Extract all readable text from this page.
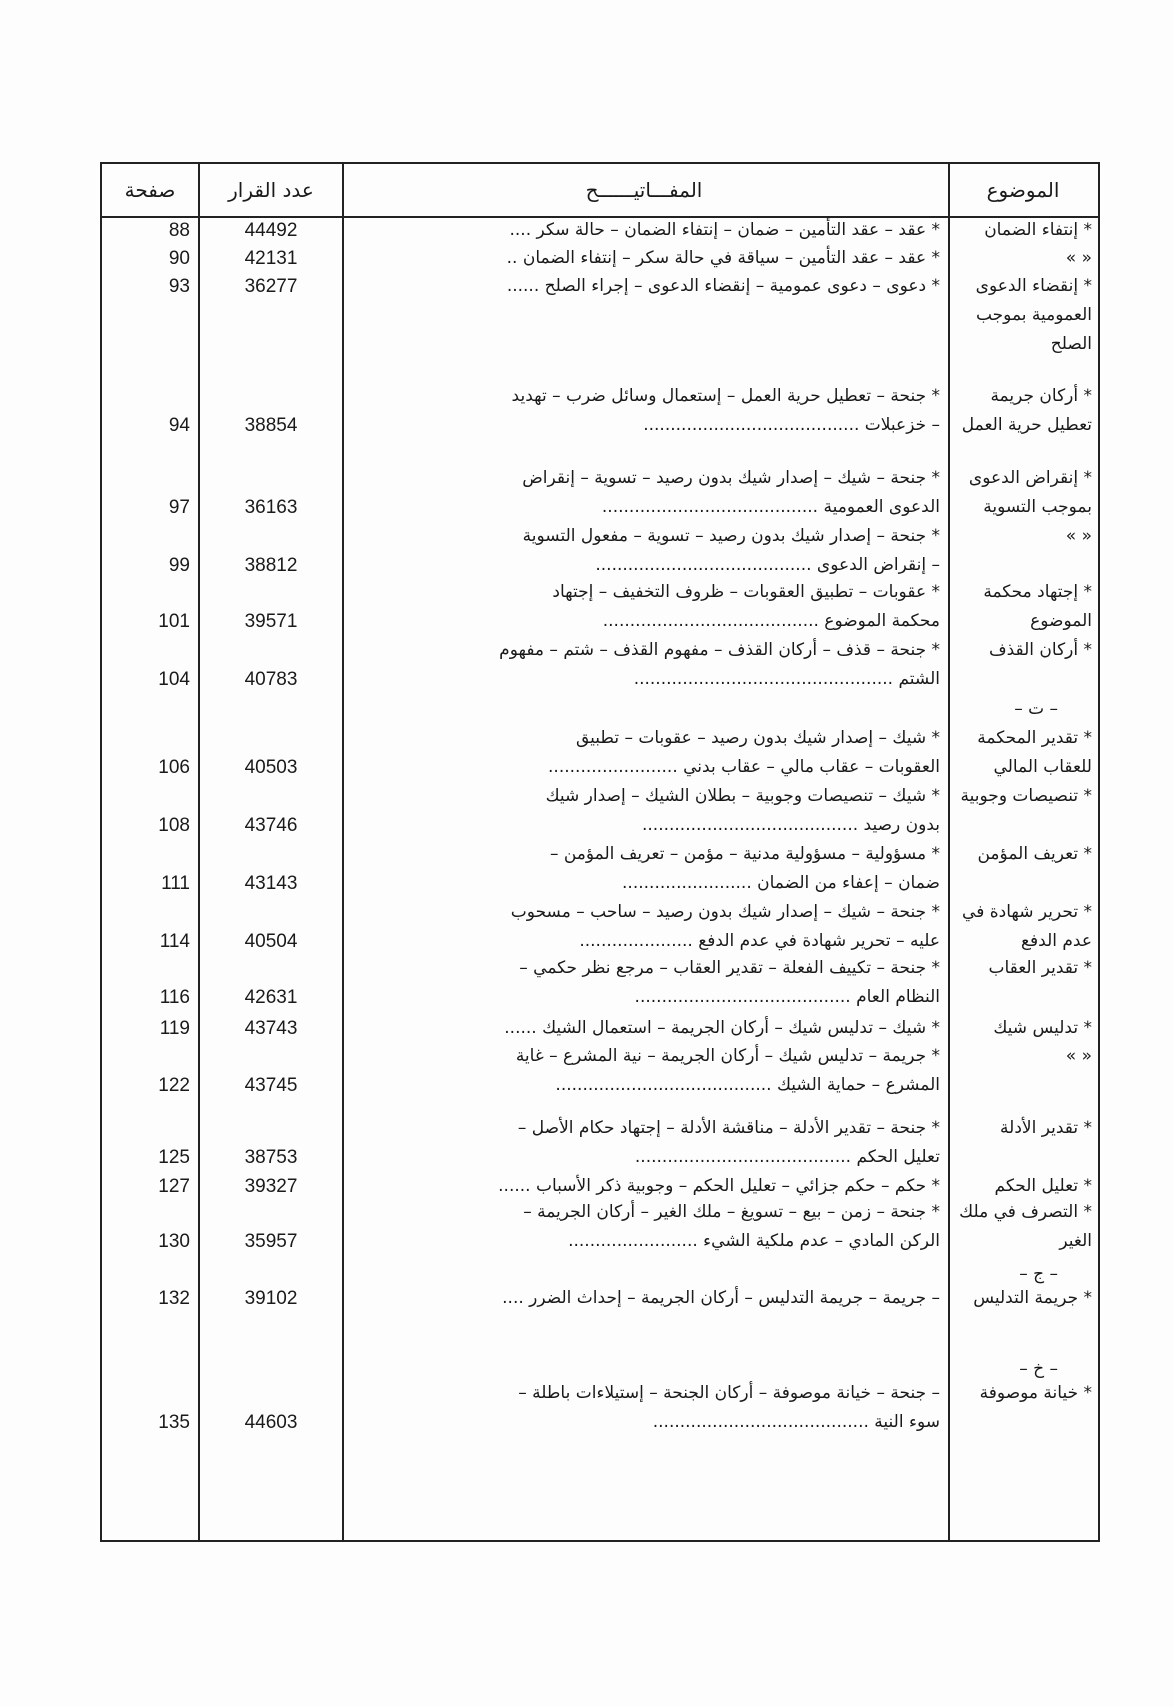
الموضوع
المفـــاتيــــــح
عدد القرار
صفحة
* إنتفاء الضمان
* عقد – عقد التأمين – ضمان – إنتفاء الضمان – حالة سكر ....
44492
88
« »
* عقد – عقد التأمين – سياقة في حالة سكر – إنتفاء الضمان ..
42131
90
* إنقضاء الدعوى العمومية بموجب الصلح
* دعوى – دعوى عمومية – إنقضاء الدعوى – إجراء الصلح ......
36277
93
* أركان جريمة تعطيل حرية العمل
* جنحة – تعطيل حرية العمل – إستعمال وسائل ضرب – تهديد
– خزعبلات ........................................
38854
94
* إنقراض الدعوى بموجب التسوية
* جنحة – شيك – إصدار شيك بدون رصيد – تسوية – إنقراض
الدعوى العمومية ........................................
36163
97
« »
* جنحة – إصدار شيك بدون رصيد – تسوية – مفعول التسوية
– إنقراض الدعوى ........................................
38812
99
* إجتهاد محكمة الموضوع
* عقوبات – تطبيق العقوبات – ظروف التخفيف – إجتهاد
محكمة الموضوع ........................................
39571
101
* أركان القذف
* جنحة – قذف – أركان القذف – مفهوم القذف – شتم – مفهوم
الشتم ................................................
40783
104
– ت –
* تقدير المحكمة للعقاب المالي
* شيك – إصدار شيك بدون رصيد – عقوبات – تطبيق
العقوبات – عقاب مالي – عقاب بدني ........................
40503
106
* تنصيصات وجوبية
* شيك – تنصيصات وجوبية – بطلان الشيك – إصدار شيك
بدون رصيد ........................................
43746
108
* تعريف المؤمن
* مسؤولية – مسؤولية مدنية – مؤمن – تعريف المؤمن –
ضمان – إعفاء من الضمان ........................
43143
111
* تحرير شهادة في عدم الدفع
* جنحة – شيك – إصدار شيك بدون رصيد – ساحب – مسحوب
عليه – تحرير شهادة في عدم الدفع .....................
40504
114
* تقدير العقاب
* جنحة – تكييف الفعلة – تقدير العقاب – مرجع نظر حكمي –
النظام العام ........................................
42631
116
* تدليس شيك
* شيك – تدليس شيك – أركان الجريمة – استعمال الشيك ......
43743
119
« »
* جريمة – تدليس شيك – أركان الجريمة – نية المشرع – غاية
المشرع – حماية الشيك ........................................
43745
122
* تقدير الأدلة
* جنحة – تقدير الأدلة – مناقشة الأدلة – إجتهاد حكام الأصل –
تعليل الحكم ........................................
38753
125
* تعليل الحكم
* حكم – حكم جزائي – تعليل الحكم – وجوبية ذكر الأسباب ......
39327
127
* التصرف في ملك الغير
* جنحة – زمن – بيع – تسويغ – ملك الغير – أركان الجريمة –
الركن المادي – عدم ملكية الشيء ........................
35957
130
– ج –
* جريمة التدليس
– جريمة – جريمة التدليس – أركان الجريمة – إحداث الضرر ....
39102
132
– خ –
* خيانة موصوفة
– جنحة – خيانة موصوفة – أركان الجنحة – إستيلاءات باطلة –
سوء النية ........................................
44603
135
